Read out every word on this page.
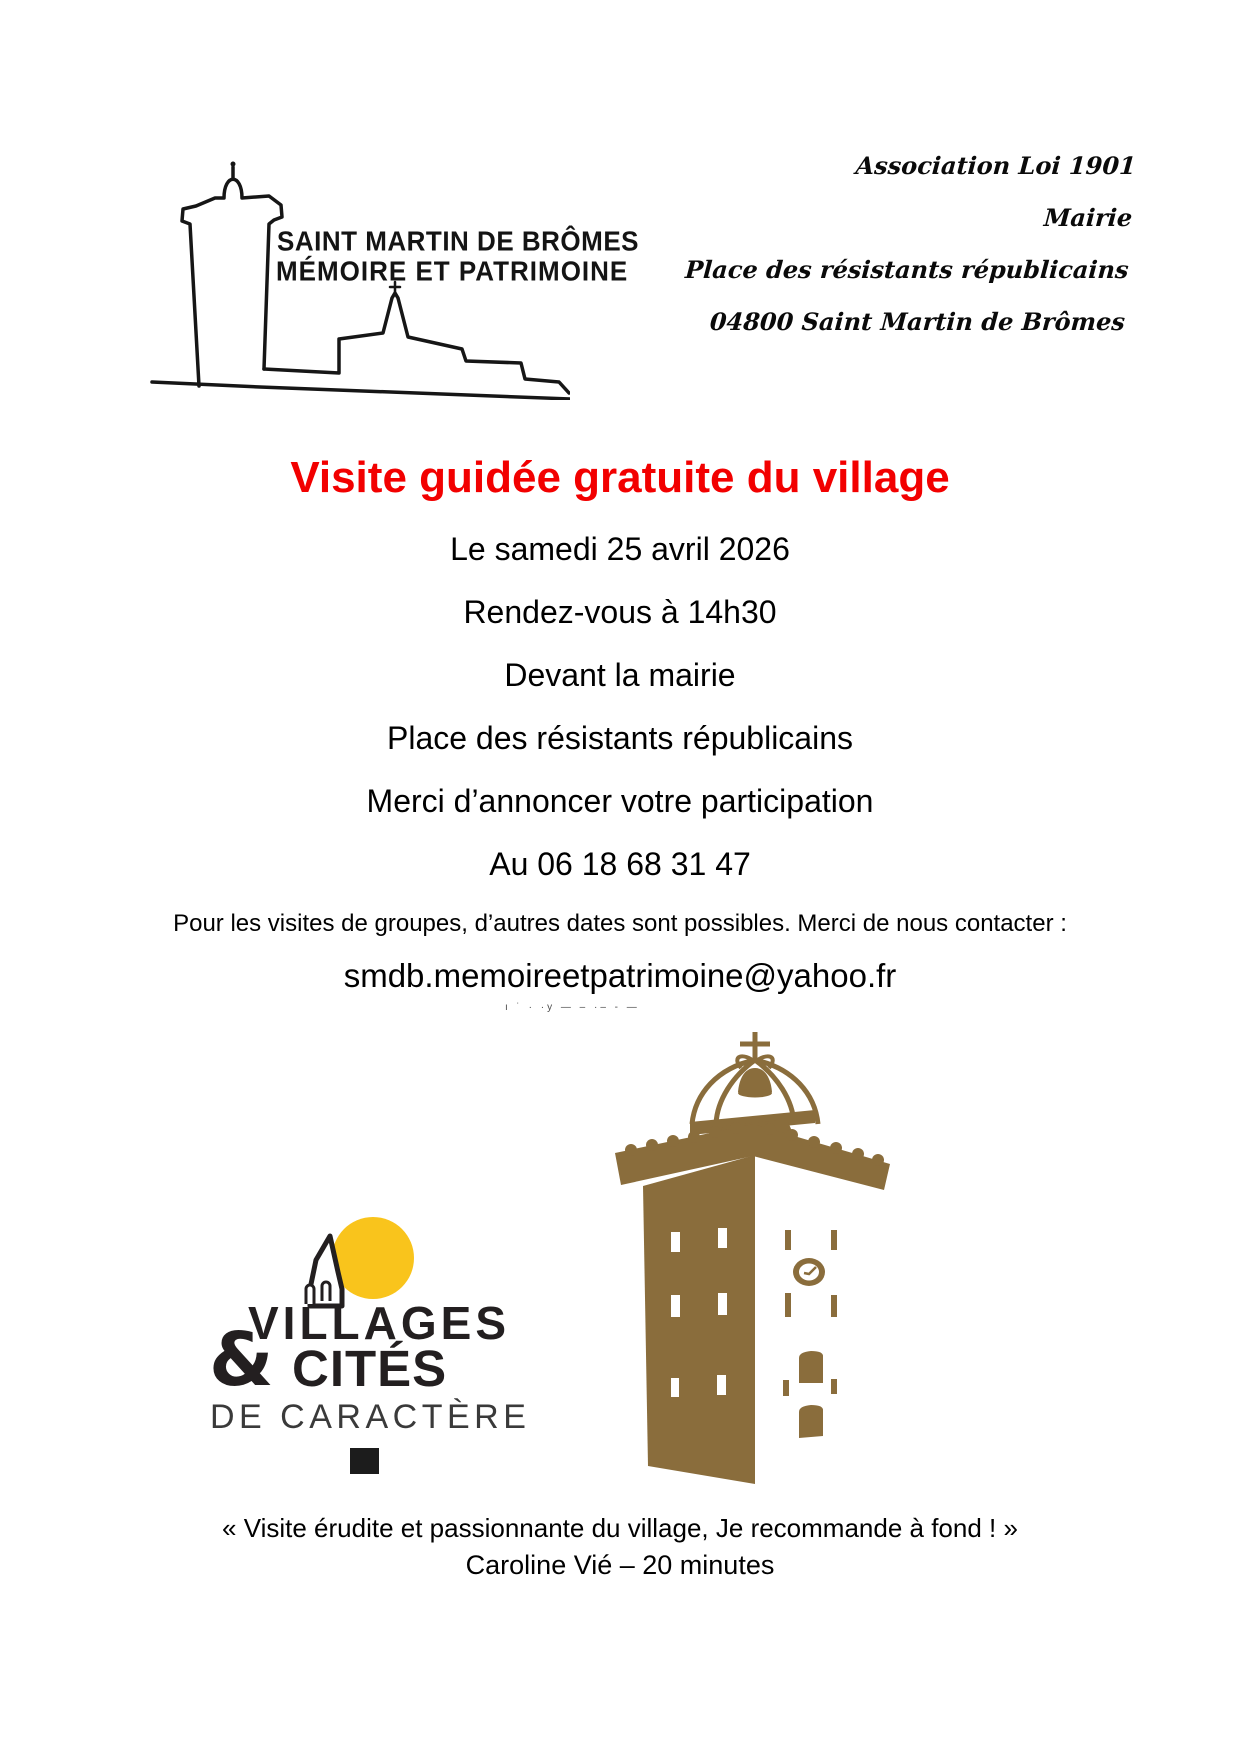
SAINT MARTIN DE BRÔMES
MÉMOIRE ET PATRIMOINE
Association Loi 1901
Mairie
Place des résistants républicains
04800 Saint Martin de Brômes
Visite guidée gratuite du village
Le samedi 25 avril 2026
Rendez-vous à 14h30
Devant la mairie
Place des résistants républicains
Merci d’annoncer votre participation
Au 06 18 68 31 47
Pour les visites de groupes, d’autres dates sont possibles. Merci de nous contacter :
smdb.memoireetpatrimoine@yahoo.fr
ı ˙ · ·y — – ·– ‑ —
VILLAGES
& CITÉS
DE CARACTÈRE
« Visite érudite et passionnante du village, Je recommande à fond ! »
Caroline Vié – 20 minutes
